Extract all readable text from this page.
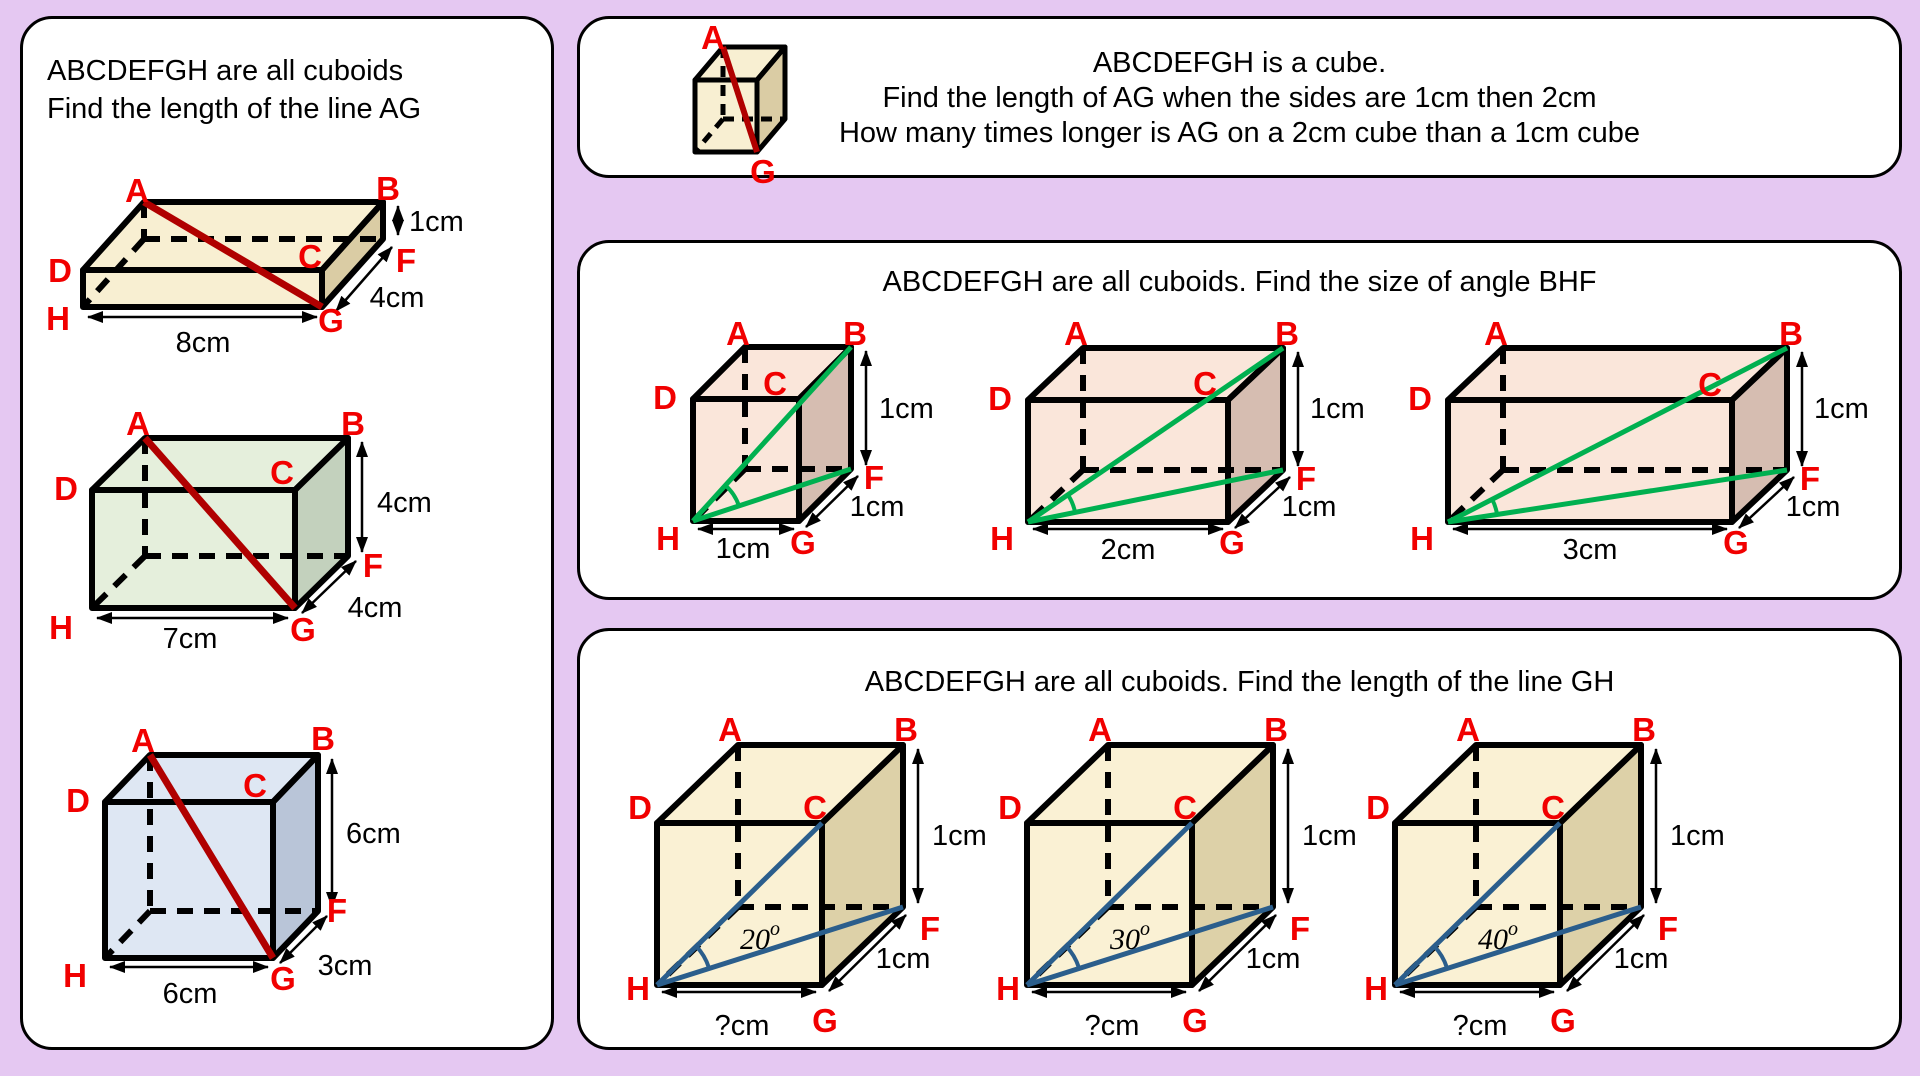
ABCDEFGH are all cuboids
Find the length of the line AG
1cm
4cm
8cm
A	B
C
D	F
G
H
4cm
4cm
7cm
A	B
C
D
F
G
H
6cm
3cm
6cm
A	B
C
D
F
G
H
ABCDEFGH is a cube.
Find the length of AG when the sides are 1cm then 2cm
How many times longer is AG on a 2cm cube than a 1cm cube
A
G
ABCDEFGH are all cuboids. Find the size of angle BHF
1cm
1cm
1cm
A	B
C
D
F
G
H
1cm
1cm
2cm
A	B
C
D
F
G
H
1cm
1cm
3cm
A	B
C
D
F
G
H
ABCDEFGH are all cuboids. Find the length of the line GH
20$^o$
1cm
1cm
?cm
A	B
C
D
F
G
H
30$^o$
1cm
1cm
?cm
A	B
C
D
F
G
H
40$^o$
1cm
1cm
?cm
A	B
C
D
F
G
H
